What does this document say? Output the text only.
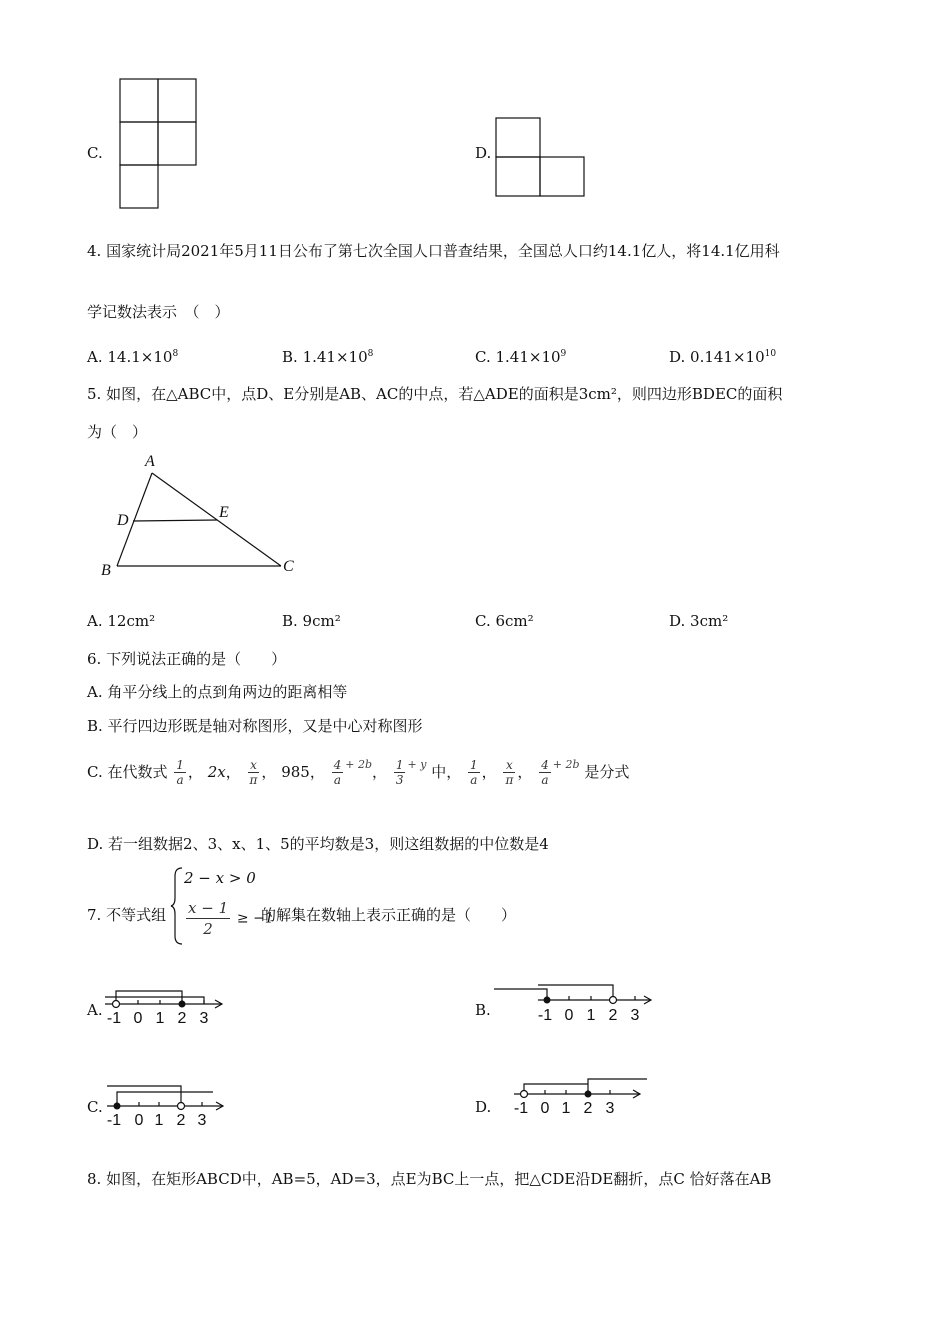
C.	D.
4. 国家统计局2021年5月11日公布了第七次全国人口普查结果，全国总人口约14.1亿人，将14.1亿用科
学记数法表示　（　）
A. $14.1\times 10^8$	B. $1.41\times 10^8$	C. $1.41\times 10^9$	D. $0.141\times 10^{10}$
5. 如图，在△ABC中，点D、E分别是AB、AC的中点，若△ADE的面积是3cm²，则四边形BDEC的面积
为（　）
A
D	E
B	C
A. 12cm²	B. 9cm²	C. 6cm²	D. 3cm²
6. 下列说法正确的是（　　）
A. 角平分线上的点到角两边的距离相等
B. 平行四边形既是轴对称图形，又是中心对称图形
C. 在代数式 $\frac{1}{a}$ ， 2x， $\frac{x}{\pi}$ ， 985， $\frac{4}{a} ^{+ 2b}$， $\frac{1}{3} ^{+ y}$ 中， $\frac{1}{a}$ ， $\frac{x}{\pi}$ ， $\frac{4}{a} ^{+ 2b}$ 是分式
D. 若一组数据2、3、x、1、5的平均数是3，则这组数据的中位数是4
7. 不等式组
2 − x > 0
$\frac{x - 1}{2} \ge -1$
的解集在数轴上表示正确的是（　　）
A. -1 0 1 2 3	B.	-1 0 1 2 3
C.
-1 0 1 2 3
D. -1 0 1 2 3
8. 如图，在矩形ABCD中，AB=5，AD=3，点E为BC上一点，把△CDE沿DE翻折，点C 恰好落在AB
